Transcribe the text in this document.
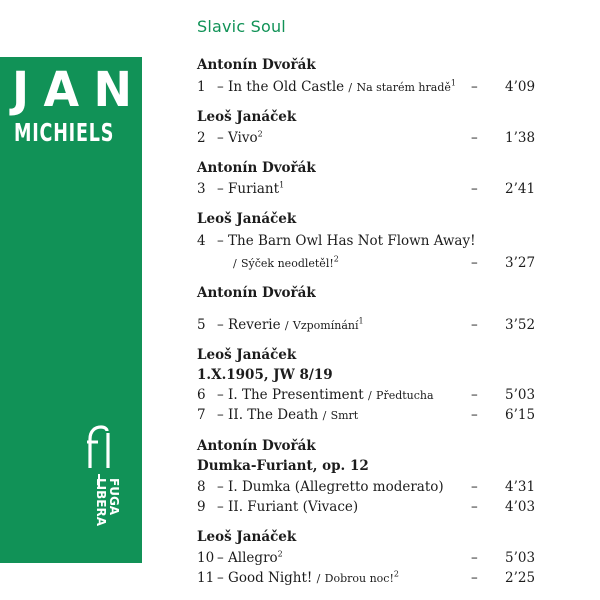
J A N
MICHIELS
FUGA
LIBERA
Slavic Soul
Antonín Dvořák
1 – In the Old Castle / Na starém hradě$^1$ – 4’09
Leoš Janáček
2 – Vivo$^2$	– 1’38
Antonín Dvořák
3 – Furiant$^1$	– 2’41
Leoš Janáček
4 – The Barn Owl Has Not Flown Away!
/ Sýček neodletěl!$^2$	– 3’27
Antonín Dvořák
5 – Reverie / Vzpomínání$^1$	– 3’52
Leoš Janáček
1.X.1905, JW 8/19
6 – I. The Presentiment / Předtucha	– 5’03
7 – II. The Death / Smrt	– 6’15
Antonín Dvořák
Dumka-Furiant, op. 12
8 – I. Dumka (Allegretto moderato) – 4’31
9 – II. Furiant (Vivace)	– 4’03
Leoš Janáček
10 – Allegro$^2$	– 5’03
11 – Good Night! / Dobrou noc!$^2$	– 2’25
